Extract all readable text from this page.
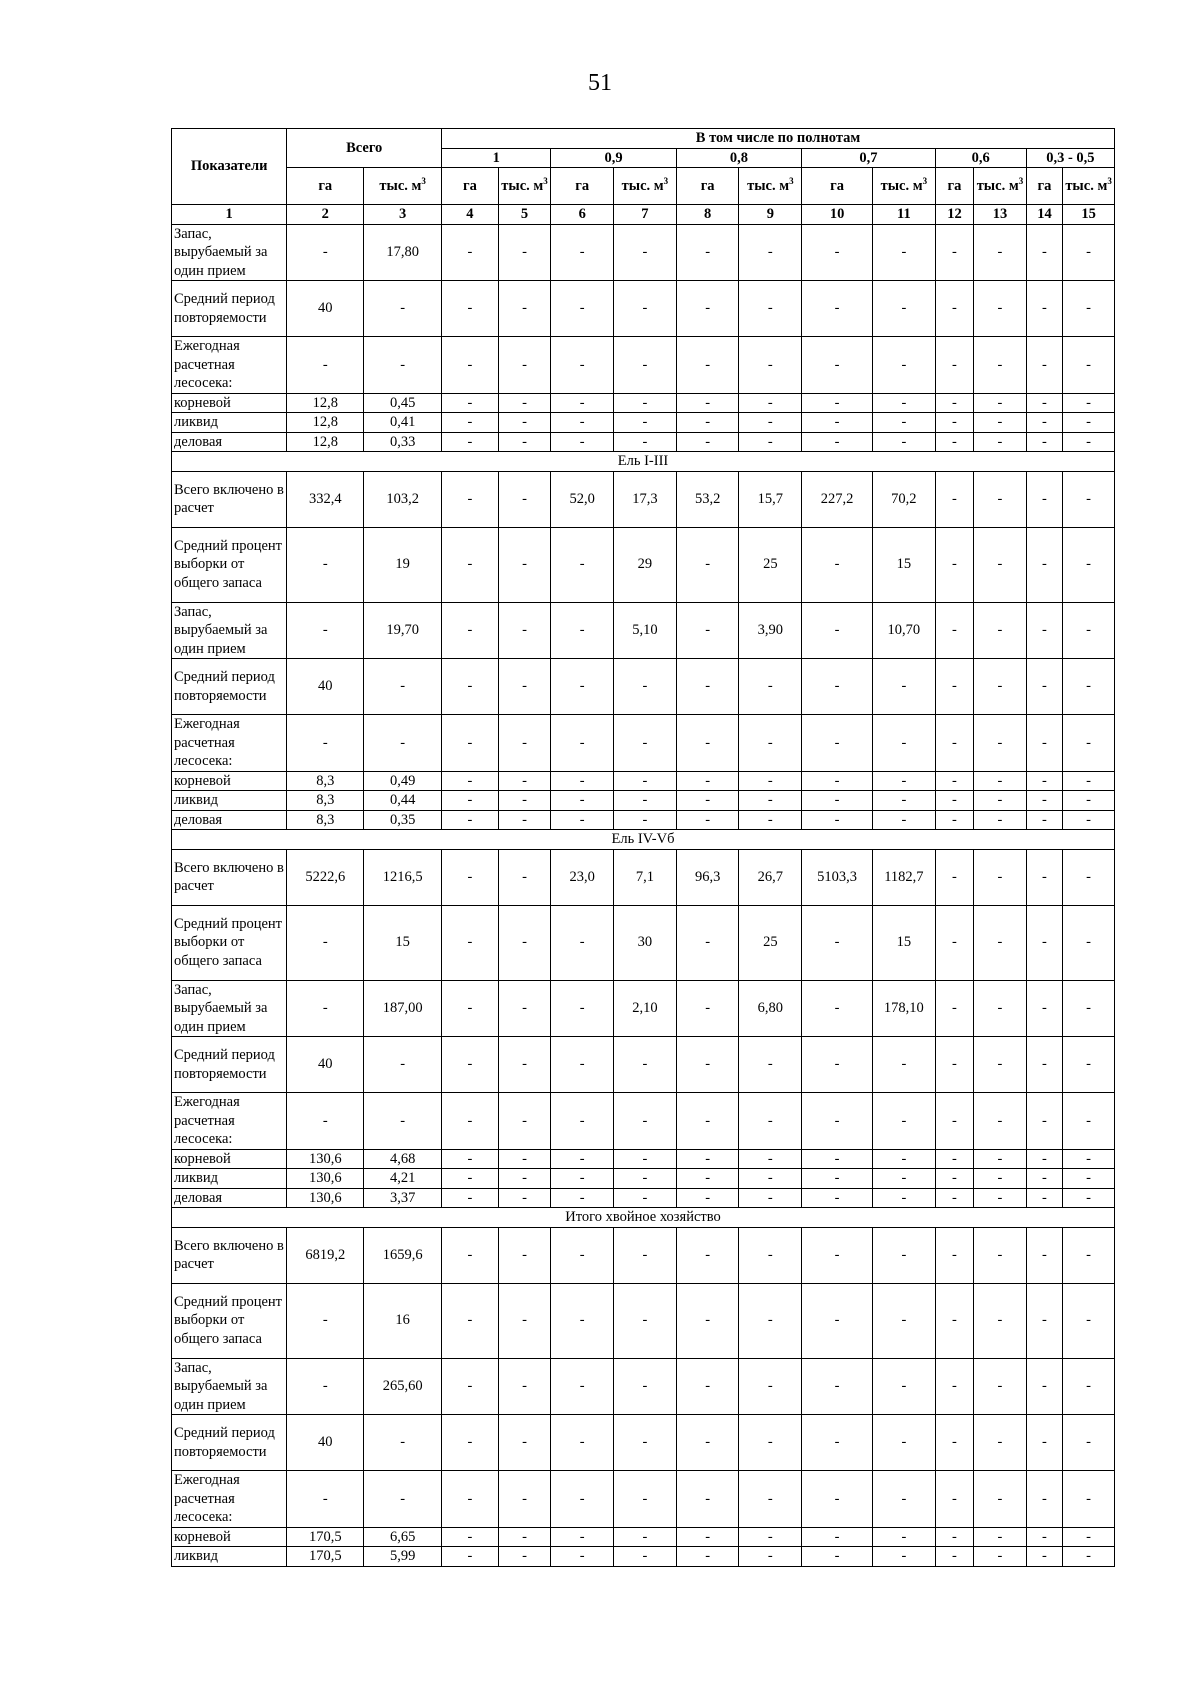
51
Показатели	Всего		В том числе по полнотам											
			1		0,9		0,8		0,7		0,6		0,3 - 0,5	
	га	тыс. $м^3$	га	тыс. $м^3$	га	тыс. $м^3$	га	тыс. $м^3$	га	тыс. $м^3$	га	тыс. $м^3$	га	тыс. $м^3$
1	2	3	4	5	6	7	8	9	10	11	12	13	14	15
Запас, вырубаемый за один прием	-	17,80	-	-	-	-	-	-	-	-	-	-	-	-
Средний период повторяемости	40	-	-	-	-	-	-	-	-	-	-	-	-	-
Ежегодная расчетная лесосека:	-	-	-	-	-	-	-	-	-	-	-	-	-	-
корневой	12,8	0,45	-	-	-	-	-	-	-	-	-	-	-	-
ликвид	12,8	0,41	-	-	-	-	-	-	-	-	-	-	-	-
деловая	12,8	0,33	-	-	-	-	-	-	-	-	-	-	-	-
Ель I-III														
Всего включено в расчет	332,4	103,2	-	-	52,0	17,3	53,2	15,7	227,2	70,2	-	-	-	-
Средний процент выборки от общего запаса	-	19	-	-	-	29	-	25	-	15	-	-	-	-
Запас, вырубаемый за один прием	-	19,70	-	-	-	5,10	-	3,90	-	10,70	-	-	-	-
Средний период повторяемости	40	-	-	-	-	-	-	-	-	-	-	-	-	-
Ежегодная расчетная лесосека:	-	-	-	-	-	-	-	-	-	-	-	-	-	-
корневой	8,3	0,49	-	-	-	-	-	-	-	-	-	-	-	-
ликвид	8,3	0,44	-	-	-	-	-	-	-	-	-	-	-	-
деловая	8,3	0,35	-	-	-	-	-	-	-	-	-	-	-	-
Ель IV-Vб														
Всего включено в расчет	5222,6	1216,5	-	-	23,0	7,1	96,3	26,7	5103,3	1182,7	-	-	-	-
Средний процент выборки от общего запаса	-	15	-	-	-	30	-	25	-	15	-	-	-	-
Запас, вырубаемый за один прием	-	187,00	-	-	-	2,10	-	6,80	-	178,10	-	-	-	-
Средний период повторяемости	40	-	-	-	-	-	-	-	-	-	-	-	-	-
Ежегодная расчетная лесосека:	-	-	-	-	-	-	-	-	-	-	-	-	-	-
корневой	130,6	4,68	-	-	-	-	-	-	-	-	-	-	-	-
ликвид	130,6	4,21	-	-	-	-	-	-	-	-	-	-	-	-
деловая	130,6	3,37	-	-	-	-	-	-	-	-	-	-	-	-
Итого хвойное хозяйство														
Всего включено в расчет	6819,2	1659,6	-	-	-	-	-	-	-	-	-	-	-	-
Средний процент выборки от общего запаса	-	16	-	-	-	-	-	-	-	-	-	-	-	-
Запас, вырубаемый за один прием	-	265,60	-	-	-	-	-	-	-	-	-	-	-	-
Средний период повторяемости	40	-	-	-	-	-	-	-	-	-	-	-	-	-
Ежегодная расчетная лесосека:	-	-	-	-	-	-	-	-	-	-	-	-	-	-
корневой	170,5	6,65	-	-	-	-	-	-	-	-	-	-	-	-
ликвид	170,5	5,99	-	-	-	-	-	-	-	-	-	-	-	-
